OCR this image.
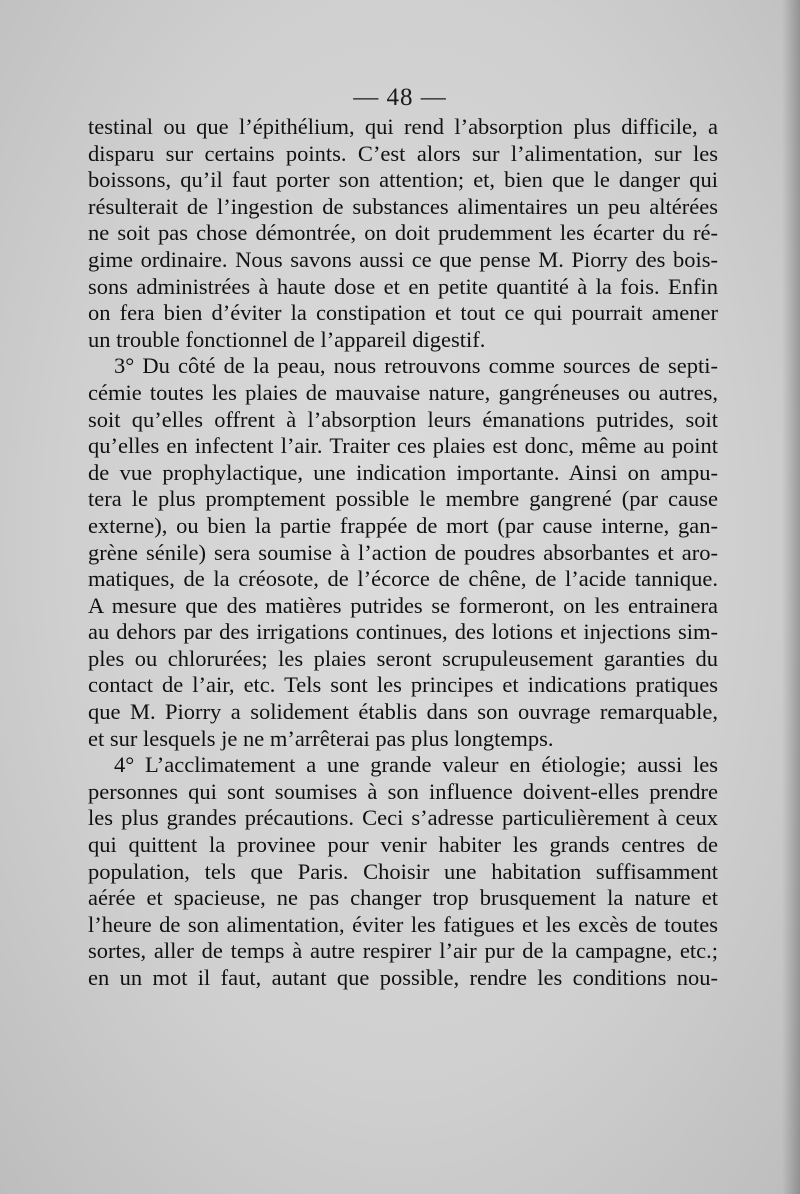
— 48 —
testinal ou que l’épithélium, qui rend l’absorption plus difficile, a
disparu sur certains points. C’est alors sur l’alimentation, sur les
boissons, qu’il faut porter son attention; et, bien que le danger qui
résulterait de l’ingestion de substances alimentaires un peu altérées
ne soit pas chose démontrée, on doit prudemment les écarter du ré-
gime ordinaire. Nous savons aussi ce que pense M. Piorry des bois-
sons administrées à haute dose et en petite quantité à la fois. Enfin
on fera bien d’éviter la constipation et tout ce qui pourrait amener
un trouble fonctionnel de l’appareil digestif.
3° Du côté de la peau, nous retrouvons comme sources de septi-
cémie toutes les plaies de mauvaise nature, gangréneuses ou autres,
soit qu’elles offrent à l’absorption leurs émanations putrides, soit
qu’elles en infectent l’air. Traiter ces plaies est donc, même au point
de vue prophylactique, une indication importante. Ainsi on ampu-
tera le plus promptement possible le membre gangrené (par cause
externe), ou bien la partie frappée de mort (par cause interne, gan-
grène sénile) sera soumise à l’action de poudres absorbantes et aro-
matiques, de la créosote, de l’écorce de chêne, de l’acide tannique.
A mesure que des matières putrides se formeront, on les entrainera
au dehors par des irrigations continues, des lotions et injections sim-
ples ou chlorurées; les plaies seront scrupuleusement garanties du
contact de l’air, etc. Tels sont les principes et indications pratiques
que M. Piorry a solidement établis dans son ouvrage remarquable,
et sur lesquels je ne m’arrêterai pas plus longtemps.
4° L’acclimatement a une grande valeur en étiologie; aussi les
personnes qui sont soumises à son influence doivent-elles prendre
les plus grandes précautions. Ceci s’adresse particulièrement à ceux
qui quittent la provinee pour venir habiter les grands centres de
population, tels que Paris. Choisir une habitation suffisamment
aérée et spacieuse, ne pas changer trop brusquement la nature et
l’heure de son alimentation, éviter les fatigues et les excès de toutes
sortes, aller de temps à autre respirer l’air pur de la campagne, etc.;
en un mot il faut, autant que possible, rendre les conditions nou-
